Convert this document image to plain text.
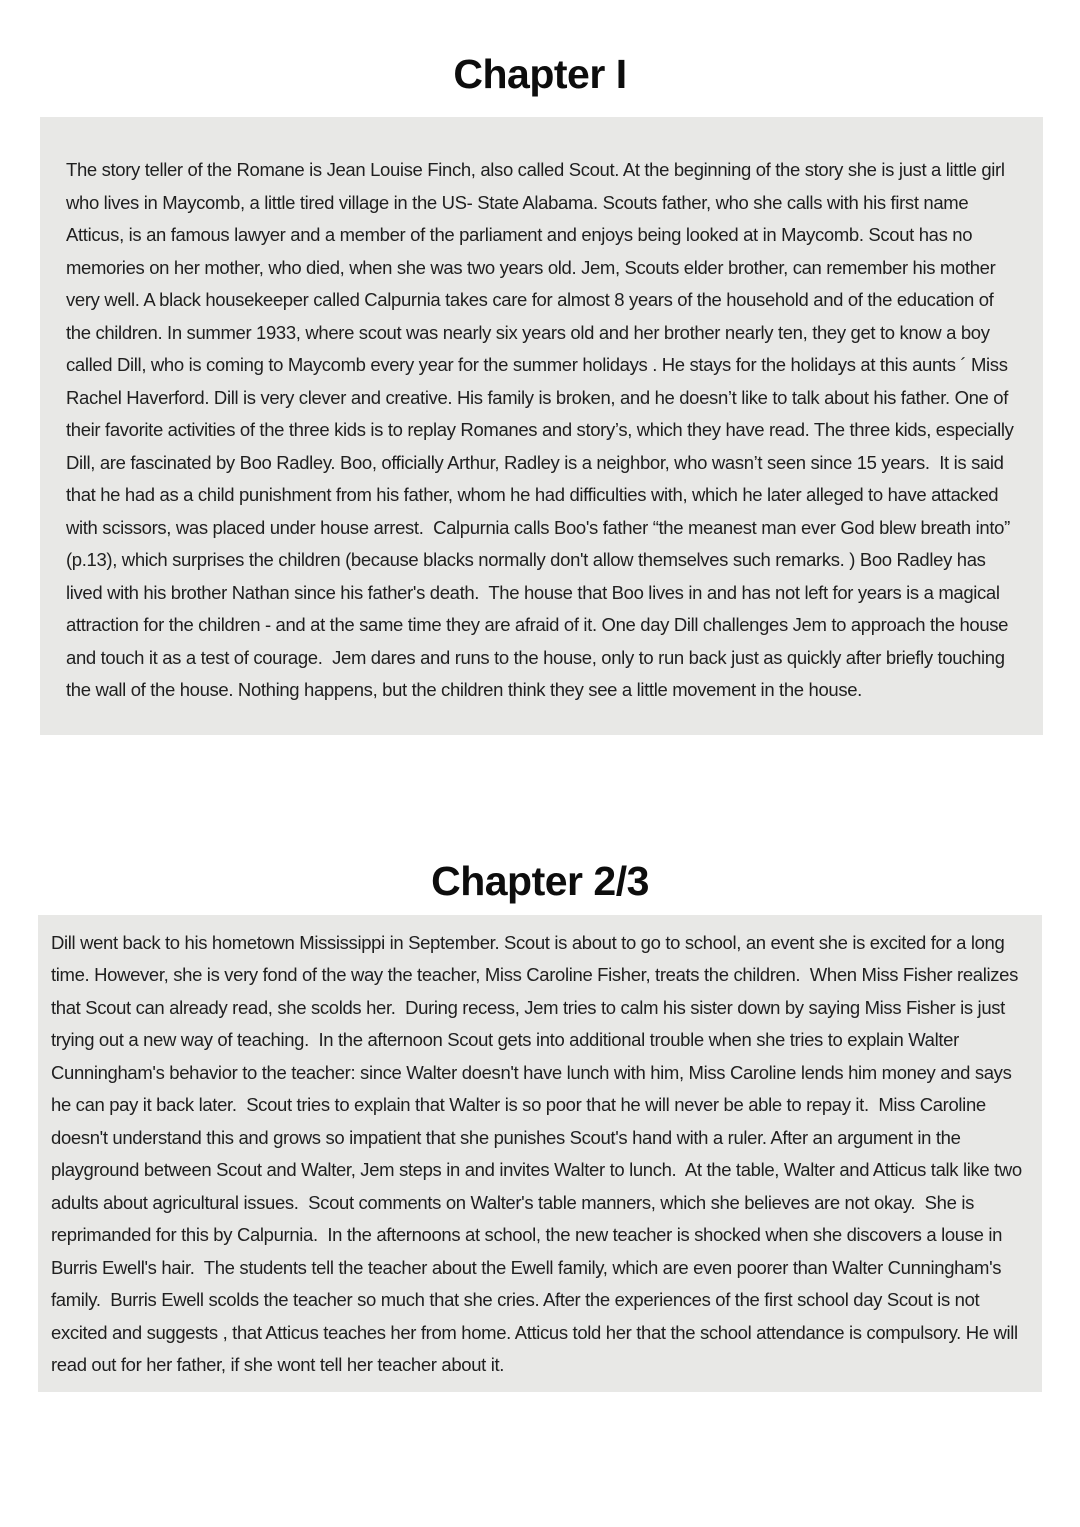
Chapter I

The story teller of the Romane is Jean Louise Finch, also called Scout. At the beginning of the story she is just a little girl who lives in Maycomb, a little tired village in the US- State Alabama. Scouts father, who she calls with his first name Atticus, is an famous lawyer and a member of the parliament and enjoys being looked at in Maycomb. Scout has no memories on her mother, who died, when she was two years old. Jem, Scouts elder brother, can remember his mother very well. A black housekeeper called Calpurnia takes care for almost 8 years of the household and of the education of the children. In summer 1933, where scout was nearly six years old and her brother nearly ten, they get to know a boy called Dill, who is coming to Maycomb every year for the summer holidays . He stays for the holidays at this aunts ´ Miss Rachel Haverford. Dill is very clever and creative. His family is broken, and he doesn’t like to talk about his father. One of their favorite activities of the three kids is to replay Romanes and story’s, which they have read. The three kids, especially Dill, are fascinated by Boo Radley. Boo, officially Arthur, Radley is a neighbor, who wasn’t seen since 15 years.  It is said that he had as a child punishment from his father, whom he had difficulties with, which he later alleged to have attacked with scissors, was placed under house arrest.  Calpurnia calls Boo's father “the meanest man ever God blew breath into” (p.13), which surprises the children (because blacks normally don't allow themselves such remarks. ) Boo Radley has lived with his brother Nathan since his father's death.  The house that Boo lives in and has not left for years is a magical attraction for the children - and at the same time they are afraid of it. One day Dill challenges Jem to approach the house and touch it as a test of courage.  Jem dares and runs to the house, only to run back just as quickly after briefly touching the wall of the house. Nothing happens, but the children think they see a little movement in the house.

Chapter 2/3

Dill went back to his hometown Mississippi in September. Scout is about to go to school, an event she is excited for a long time. However, she is very fond of the way the teacher, Miss Caroline Fisher, treats the children.  When Miss Fisher realizes that Scout can already read, she scolds her.  During recess, Jem tries to calm his sister down by saying Miss Fisher is just trying out a new way of teaching.  In the afternoon Scout gets into additional trouble when she tries to explain Walter Cunningham's behavior to the teacher: since Walter doesn't have lunch with him, Miss Caroline lends him money and says he can pay it back later.  Scout tries to explain that Walter is so poor that he will never be able to repay it.  Miss Caroline doesn't understand this and grows so impatient that she punishes Scout's hand with a ruler. After an argument in the playground between Scout and Walter, Jem steps in and invites Walter to lunch.  At the table, Walter and Atticus talk like two adults about agricultural issues.  Scout comments on Walter's table manners, which she believes are not okay.  She is reprimanded for this by Calpurnia.  In the afternoons at school, the new teacher is shocked when she discovers a louse in Burris Ewell's hair.  The students tell the teacher about the Ewell family, which are even poorer than Walter Cunningham's family.  Burris Ewell scolds the teacher so much that she cries. After the experiences of the first school day Scout is not excited and suggests , that Atticus teaches her from home. Atticus told her that the school attendance is compulsory. He will read out for her father, if she wont tell her teacher about it.
